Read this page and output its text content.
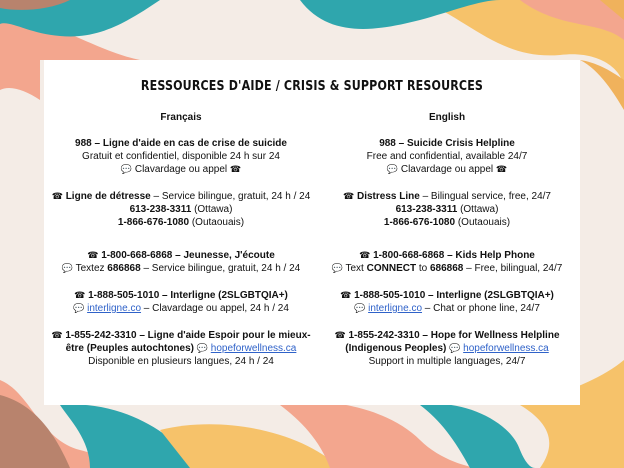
RESSOURCES D'AIDE / CRISIS & SUPPORT RESOURCES
Français
988 – Ligne d'aide en cas de crise de suicide
Gratuit et confidentiel, disponible 24 h sur 24
💬 Clavardage ou appel ☎
☎ Ligne de détresse – Service bilingue, gratuit, 24 h / 24
613-238-3311 (Ottawa)
1-866-676-1080 (Outaouais)
☎ 1-800-668-6868 – Jeunesse, J'écoute
💬 Textez 686868 – Service bilingue, gratuit, 24 h / 24
☎ 1-888-505-1010 – Interligne (2SLGBTQIA+)
💬 interligne.co – Clavardage ou appel, 24 h / 24
☎ 1-855-242-3310 – Ligne d'aide Espoir pour le mieux-être (Peuples autochtones) 💬 hopeforwellness.ca
Disponible en plusieurs langues, 24 h / 24
English
988 – Suicide Crisis Helpline
Free and confidential, available 24/7
💬 Clavardage ou appel ☎
☎ Distress Line – Bilingual service, free, 24/7
613-238-3311 (Ottawa)
1-866-676-1080 (Outaouais)
☎ 1-800-668-6868 – Kids Help Phone
💬 Text CONNECT to 686868 – Free, bilingual, 24/7
☎ 1-888-505-1010 – Interligne (2SLGBTQIA+)
💬 interligne.co – Chat or phone line, 24/7
☎ 1-855-242-3310 – Hope for Wellness Helpline (Indigenous Peoples) 💬 hopeforwellness.ca
Support in multiple languages, 24/7
